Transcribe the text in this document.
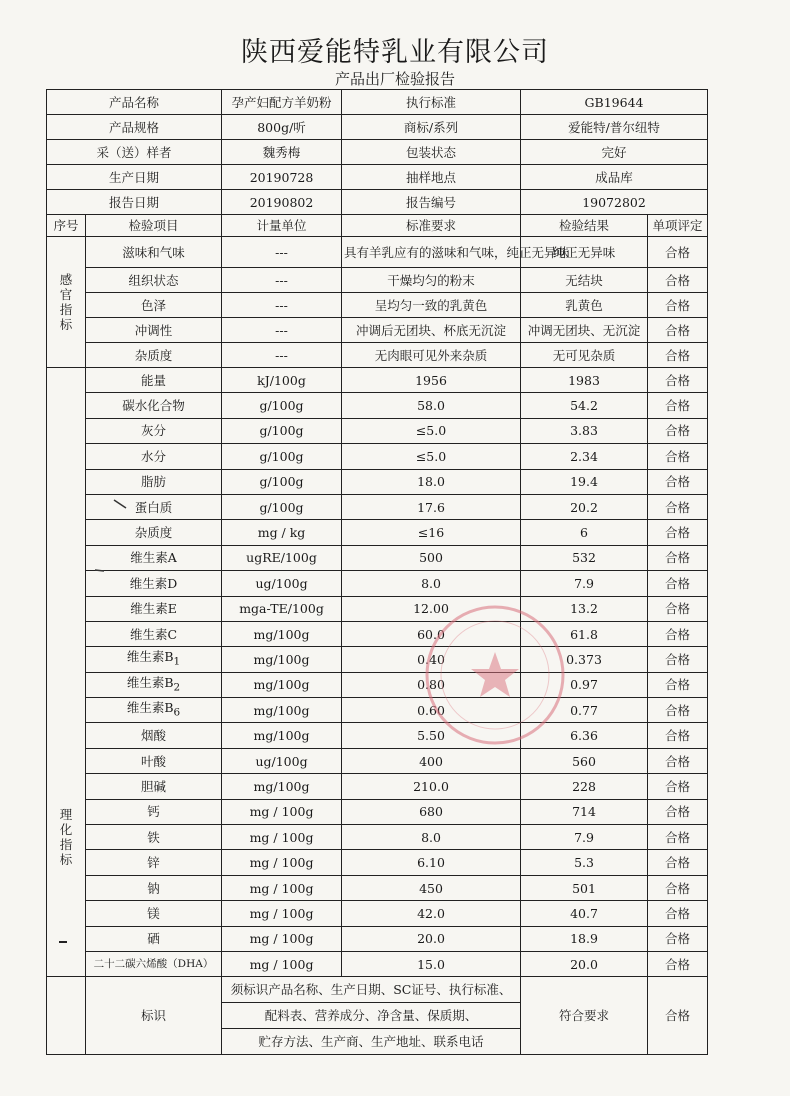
陕西爱能特乳业有限公司
产品出厂检验报告
产品名称		孕产妇配方羊奶粉	执行标准	GB19644	
产品规格		800g/听	商标/系列	爱能特/普尔纽特	
采（送）样者		魏秀梅	包装状态	完好	
生产日期		20190728	抽样地点	成品库	
报告日期		20190802	报告编号	19072802	
序号	检验项目	计量单位	标准要求	检验结果	单项评定

感官指标	滋味和气味	---	具有羊乳应有的滋味和气味，纯正无异味	纯正无异味	合格
	组织状态	---	干燥均匀的粉末	无结块	合格
	色泽	---	呈均匀一致的乳黄色	乳黄色	合格
	冲调性	---	冲调后无团块、杯底无沉淀	冲调无团块、无沉淀	合格
	杂质度	---	无肉眼可见外来杂质	无可见杂质	合格

理化指标	能量	kJ/100g	1956	1983	合格
	碳水化合物	g/100g	58.0	54.2	合格
	灰分	g/100g	≤5.0	3.83	合格
	水分	g/100g	≤5.0	2.34	合格
	脂肪	g/100g	18.0	19.4	合格
	蛋白质	g/100g	17.6	20.2	合格
	杂质度	mg / kg	≤16	6	合格
	维生素A	ugRE/100g	500	532	合格
	维生素D	ug/100g	8.0	7.9	合格
	维生素E	mga-TE/100g	12.00	13.2	合格
	维生素C	mg/100g	60.0	61.8	合格
	维生素$B_1$	mg/100g	0.40	0.373	合格
	维生素$B_2$	mg/100g	0.80	0.97	合格
	维生素$B_6$	mg/100g	0.60	0.77	合格
	烟酸	mg/100g	5.50	6.36	合格
	叶酸	ug/100g	400	560	合格
	胆碱	mg/100g	210.0	228	合格
	钙	mg / 100g	680	714	合格
	铁	mg / 100g	8.0	7.9	合格
	锌	mg / 100g	6.10	5.3	合格
	钠	mg / 100g	450	501	合格
	镁	mg / 100g	42.0	40.7	合格
	硒	mg / 100g	20.0	18.9	合格
	二十二碳六烯酸（DHA）	mg / 100g	15.0	20.0	合格
	标识	须标识产品名称、生产日期、SC证号、执行标准、
配料表、营养成分、净含量、保质期、
贮存方法、生产商、生产地址、联系电话		符合要求	合格
